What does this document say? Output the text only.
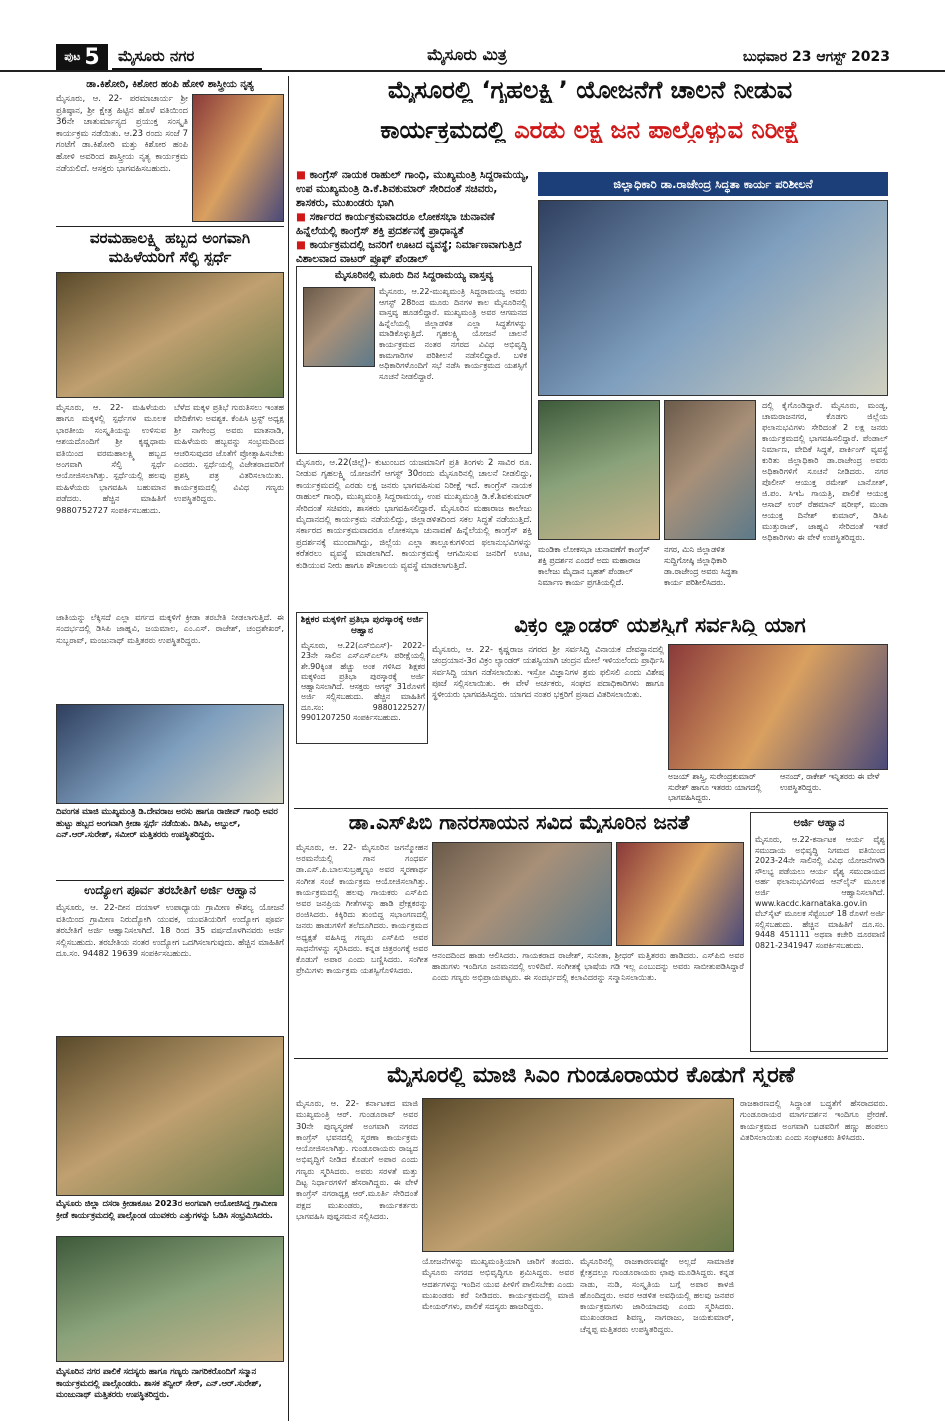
ಪುಟ 5	ಮೈಸೂರು ನಗರ	ಮೈಸೂರು ಮಿತ್ರ	ಬುಧವಾರ 23 ಆಗಸ್ಟ್ 2023
ಡಾ.ಕಿಶೋರಿ, ಕಿಶೋರ ಹಂಪಿ ಹೋಳಿ ಶಾಸ್ತ್ರೀಯ ನೃತ್ಯ
ಮೈಸೂರು, ಆ. 22- ಪರಮಾಚಾರ್ಯ ಶ್ರೀ ಪ್ರತಿಷ್ಠಾನ, ಶ್ರೀ ಕ್ಷೇತ್ರ ಹಿಟ್ಟಿನ ಹೊಳೆ ವತಿಯಿಂದ 36ನೇ ಚಾತುರ್ಮಾಸ್ಯದ ಪ್ರಯುಕ್ತ ಸಂಸ್ಕೃತಿ ಕಾರ್ಯಕ್ರಮ ನಡೆಯಿತು. ಆ.23 ರಂದು ಸಂಜೆ 7 ಗಂಟೆಗೆ ಡಾ.ಕಿಶೋರಿ ಮತ್ತು ಕಿಶೋರ ಹಂಪಿ ಹೋಳಿ ಅವರಿಂದ ಶಾಸ್ತ್ರೀಯ ನೃತ್ಯ ಕಾರ್ಯಕ್ರಮ ನಡೆಯಲಿದೆ. ಆಸಕ್ತರು ಭಾಗವಹಿಸಬಹುದು.
ವರಮಹಾಲಕ್ಷ್ಮಿ ಹಬ್ಬದ ಅಂಗವಾಗಿ
ಮಹಿಳೆಯರಿಗೆ ಸೆಲ್ಫಿ ಸ್ಪರ್ಧೆ
ಮೈಸೂರು, ಆ. 22- ಮಹಿಳೆಯರು ಹಾಗೂ ಮಕ್ಕಳಲ್ಲಿ ಸ್ಪರ್ಧೆಗಳ ಮೂಲಕ ಭಾರತೀಯ ಸಂಸ್ಕೃತಿಯನ್ನು ಉಳಿಸುವ ಆಶಯದೊಂದಿಗೆ ಶ್ರೀ ಕೃಷ್ಣಧಾಮ ವತಿಯಿಂದ ವರಮಹಾಲಕ್ಷ್ಮಿ ಹಬ್ಬದ ಅಂಗವಾಗಿ ಸೆಲ್ಫಿ ಸ್ಪರ್ಧೆ ಆಯೋಜಿಸಲಾಗಿತ್ತು. ಸ್ಪರ್ಧೆಯಲ್ಲಿ ಹಲವು ಮಹಿಳೆಯರು ಭಾಗವಹಿಸಿ ಬಹುಮಾನ ಪಡೆದರು. ಹೆಚ್ಚಿನ ಮಾಹಿತಿಗೆ 9880752727 ಸಂಪರ್ಕಿಸಬಹುದು.
ಬೆಳೆದ ಮಕ್ಕಳ ಪ್ರತಿಭೆ ಗುರುತಿಸಲು ಇಂತಹ ವೇದಿಕೆಗಳು ಅವಶ್ಯಕ. ಕೆಂಪಿಸಿ ಟ್ರಸ್ಟ್ ಅಧ್ಯಕ್ಷ ಶ್ರೀ ನಾಗೇಂದ್ರ ಅವರು ಮಾತನಾಡಿ, ಮಹಿಳೆಯರು ಹಬ್ಬವನ್ನು ಸಂಭ್ರಮದಿಂದ ಆಚರಿಸುವುದರ ಜೊತೆಗೆ ಪ್ರೋತ್ಸಾಹಿಸಬೇಕು ಎಂದರು. ಸ್ಪರ್ಧೆಯಲ್ಲಿ ವಿಜೇತರಾದವರಿಗೆ ಪ್ರಶಸ್ತಿ ಪತ್ರ ವಿತರಿಸಲಾಯಿತು. ಕಾರ್ಯಕ್ರಮದಲ್ಲಿ ವಿವಿಧ ಗಣ್ಯರು ಉಪಸ್ಥಿತರಿದ್ದರು.
ಜಾತಿಯನ್ನು ಲೆಕ್ಕಿಸದೆ ಎಲ್ಲಾ ವರ್ಗದ ಮಕ್ಕಳಿಗೆ ಕ್ರೀಡಾ ತರಬೇತಿ ನೀಡಲಾಗುತ್ತಿದೆ. ಈ ಸಂದರ್ಭದಲ್ಲಿ ಡಿಸಿಪಿ ಜಾಹ್ನವಿ, ಜಯಮಾಲ, ಎಂ.ಎಸ್. ರಾಜೇಶ್, ಚಂದ್ರಶೇಖರ್, ಸುಬ್ಬರಾವ್, ಮಂಜುನಾಥ್ ಮತ್ತಿತರರು ಉಪಸ್ಥಿತರಿದ್ದರು.
ದಿವಂಗತ ಮಾಜಿ ಮುಖ್ಯಮಂತ್ರಿ ಡಿ.ದೇವರಾಜ ಅರಸು ಹಾಗೂ ರಾಜೀವ್ ಗಾಂಧಿ ಅವರ ಹುಟ್ಟು ಹಬ್ಬದ ಅಂಗವಾಗಿ ಕ್ರೀಡಾ ಸ್ಪರ್ಧೆ ನಡೆಯಿತು. ಡಿಸಿಪಿ, ಅಬ್ದುಲ್, ಎನ್.ಆರ್.ಸುರೇಶ್, ಸಮೀರ್ ಮತ್ತಿತರರು ಉಪಸ್ಥಿತರಿದ್ದರು.
ಉದ್ಯೋಗ ಪೂರ್ವ ತರಬೇತಿಗೆ ಅರ್ಜಿ ಆಹ್ವಾನ
ಮೈಸೂರು, ಆ. 22-ದೀನ ದಯಾಳ್ ಉಪಾಧ್ಯಾಯ ಗ್ರಾಮೀಣ ಕೌಶಲ್ಯ ಯೋಜನೆ ವತಿಯಿಂದ ಗ್ರಾಮೀಣ ನಿರುದ್ಯೋಗಿ ಯುವಕ, ಯುವತಿಯರಿಗೆ ಉದ್ಯೋಗ ಪೂರ್ವ ತರಬೇತಿಗೆ ಅರ್ಜಿ ಆಹ್ವಾನಿಸಲಾಗಿದೆ. 18 ರಿಂದ 35 ವರ್ಷದೊಳಗಿನವರು ಅರ್ಜಿ ಸಲ್ಲಿಸಬಹುದು. ತರಬೇತಿಯ ನಂತರ ಉದ್ಯೋಗ ಒದಗಿಸಲಾಗುವುದು. ಹೆಚ್ಚಿನ ಮಾಹಿತಿಗೆ ದೂ.ಸಂ. 94482 19639 ಸಂಪರ್ಕಿಸಬಹುದು.
ಮೈಸೂರು ಜಿಲ್ಲಾ ದಸರಾ ಕ್ರೀಡಾಕೂಟ 2023ರ ಅಂಗವಾಗಿ ಆಯೋಜಿಸಿದ್ದ ಗ್ರಾಮೀಣ ಕ್ರೀಡೆ ಕಾರ್ಯಕ್ರಮದಲ್ಲಿ ಪಾಲ್ಗೊಂಡ ಯುವಕರು ಎತ್ತುಗಳನ್ನು ಓಡಿಸಿ ಸಂಭ್ರಮಿಸಿದರು.
ಮೈಸೂರಿನ ನಗರ ಪಾಲಿಕೆ ಸದಸ್ಯರು ಹಾಗೂ ಗಣ್ಯರು ನಾಗರಿಕರೊಂದಿಗೆ ಸನ್ಮಾನ ಕಾರ್ಯಕ್ರಮದಲ್ಲಿ ಪಾಲ್ಗೊಂಡರು. ಶಾಸಕ ತನ್ವೀರ್ ಸೇಠ್, ಎನ್.ಆರ್.ಸುರೇಶ್, ಮಂಜುನಾಥ್ ಮತ್ತಿತರರು ಉಪಸ್ಥಿತರಿದ್ದರು.
ಮೈಸೂರಲ್ಲಿ ‘ಗೃಹಲಕ್ಷ್ಮಿ’ ಯೋಜನೆಗೆ ಚಾಲನೆ ನೀಡುವ
ಕಾರ್ಯಕ್ರಮದಲ್ಲಿ ಎರಡು ಲಕ್ಷ ಜನ ಪಾಲ್ಗೊಳ್ಳುವ ನಿರೀಕ್ಷೆ
■ ಕಾಂಗ್ರೆಸ್ ನಾಯಕ ರಾಹುಲ್ ಗಾಂಧಿ, ಮುಖ್ಯಮಂತ್ರಿ ಸಿದ್ದರಾಮಯ್ಯ, ಉಪ ಮುಖ್ಯಮಂತ್ರಿ ಡಿ.ಕೆ.ಶಿವಕುಮಾರ್ ಸೇರಿದಂತೆ ಸಚಿವರು, ಶಾಸಕರು, ಮುಖಂಡರು ಭಾಗಿ
■ ಸರ್ಕಾರದ ಕಾರ್ಯಕ್ರಮವಾದರೂ ಲೋಕಸಭಾ ಚುನಾವಣೆ ಹಿನ್ನೆಲೆಯಲ್ಲಿ ಕಾಂಗ್ರೆಸ್ ಶಕ್ತಿ ಪ್ರದರ್ಶನಕ್ಕೆ ಪ್ರಾಧಾನ್ಯತೆ
■ ಕಾರ್ಯಕ್ರಮದಲ್ಲಿ ಜನರಿಗೆ ಊಟದ ವ್ಯವಸ್ಥೆ; ನಿರ್ಮಾಣವಾಗುತ್ತಿದೆ ವಿಶಾಲವಾದ ವಾಟರ್ ಪ್ರೂಫ್ ಪೆಂಡಾಲ್
ಜಿಲ್ಲಾಧಿಕಾರಿ ಡಾ.ರಾಜೇಂದ್ರ ಸಿದ್ಧತಾ ಕಾರ್ಯ ಪರಿಶೀಲನೆ
ಮೈಸೂರಿನಲ್ಲಿ ಮೂರು ದಿನ ಸಿದ್ದರಾಮಯ್ಯ ವಾಸ್ತವ್ಯ
ಮೈಸೂರು, ಆ.22-ಮುಖ್ಯಮಂತ್ರಿ ಸಿದ್ದರಾಮಯ್ಯ ಅವರು ಆಗಸ್ಟ್ 28ರಿಂದ ಮೂರು ದಿನಗಳ ಕಾಲ ಮೈಸೂರಿನಲ್ಲಿ ವಾಸ್ತವ್ಯ ಹೂಡಲಿದ್ದಾರೆ. ಮುಖ್ಯಮಂತ್ರಿ ಅವರ ಆಗಮನದ ಹಿನ್ನೆಲೆಯಲ್ಲಿ ಜಿಲ್ಲಾಡಳಿತ ಎಲ್ಲಾ ಸಿದ್ಧತೆಗಳನ್ನು ಮಾಡಿಕೊಳ್ಳುತ್ತಿದೆ. ಗೃಹಲಕ್ಷ್ಮಿ ಯೋಜನೆ ಚಾಲನೆ ಕಾರ್ಯಕ್ರಮದ ನಂತರ ನಗರದ ವಿವಿಧ ಅಭಿವೃದ್ಧಿ ಕಾಮಗಾರಿಗಳ ಪರಿಶೀಲನೆ ನಡೆಸಲಿದ್ದಾರೆ. ಬಳಿಕ ಅಧಿಕಾರಿಗಳೊಂದಿಗೆ ಸಭೆ ನಡೆಸಿ ಕಾರ್ಯಕ್ರಮದ ಯಶಸ್ಸಿಗೆ ಸೂಚನೆ ನೀಡಲಿದ್ದಾರೆ.
ಮೈಸೂರು, ಆ.22(ಜಿಲ್ಲೆ)- ಕುಟುಂಬದ ಯಜಮಾನಿಗೆ ಪ್ರತಿ ತಿಂಗಳು 2 ಸಾವಿರ ರೂ. ನೀಡುವ ಗೃಹಲಕ್ಷ್ಮಿ ಯೋಜನೆಗೆ ಆಗಸ್ಟ್ 30ರಂದು ಮೈಸೂರಿನಲ್ಲಿ ಚಾಲನೆ ನೀಡಲಿದ್ದು, ಕಾರ್ಯಕ್ರಮದಲ್ಲಿ ಎರಡು ಲಕ್ಷ ಜನರು ಭಾಗವಹಿಸುವ ನಿರೀಕ್ಷೆ ಇದೆ. ಕಾಂಗ್ರೆಸ್ ನಾಯಕ ರಾಹುಲ್ ಗಾಂಧಿ, ಮುಖ್ಯಮಂತ್ರಿ ಸಿದ್ದರಾಮಯ್ಯ, ಉಪ ಮುಖ್ಯಮಂತ್ರಿ ಡಿ.ಕೆ.ಶಿವಕುಮಾರ್ ಸೇರಿದಂತೆ ಸಚಿವರು, ಶಾಸಕರು ಭಾಗವಹಿಸಲಿದ್ದಾರೆ. ಮೈಸೂರಿನ ಮಹಾರಾಜ ಕಾಲೇಜು ಮೈದಾನದಲ್ಲಿ ಕಾರ್ಯಕ್ರಮ ನಡೆಯಲಿದ್ದು, ಜಿಲ್ಲಾಡಳಿತದಿಂದ ಸಕಲ ಸಿದ್ಧತೆ ನಡೆಯುತ್ತಿದೆ. ಸರ್ಕಾರದ ಕಾರ್ಯಕ್ರಮವಾದರೂ ಲೋಕಸಭಾ ಚುನಾವಣೆ ಹಿನ್ನೆಲೆಯಲ್ಲಿ ಕಾಂಗ್ರೆಸ್ ಶಕ್ತಿ ಪ್ರದರ್ಶನಕ್ಕೆ ಮುಂದಾಗಿದ್ದು, ಜಿಲ್ಲೆಯ ಎಲ್ಲಾ ತಾಲ್ಲೂಕುಗಳಿಂದ ಫಲಾನುಭವಿಗಳನ್ನು ಕರೆತರಲು ವ್ಯವಸ್ಥೆ ಮಾಡಲಾಗಿದೆ. ಕಾರ್ಯಕ್ರಮಕ್ಕೆ ಆಗಮಿಸುವ ಜನರಿಗೆ ಊಟ, ಕುಡಿಯುವ ನೀರು ಹಾಗೂ ಶೌಚಾಲಯ ವ್ಯವಸ್ಥೆ ಮಾಡಲಾಗುತ್ತಿದೆ.
ಮಂಡಿಕಾ ಲೋಕಸಭಾ ಚುನಾವಣೆಗೆ ಕಾಂಗ್ರೆಸ್ ಶಕ್ತಿ ಪ್ರದರ್ಶನ ಎಂದರೆ ಅದು ಮಹಾರಾಜ ಕಾಲೇಜು ಮೈದಾನ ಬೃಹತ್ ಪೆಂಡಾಲ್ ನಿರ್ಮಾಣ ಕಾರ್ಯ ಪ್ರಗತಿಯಲ್ಲಿದೆ.
ನಗರ, ಮಿನಿ ಜಿಲ್ಲಾಡಳಿತ ಸುದ್ದಿಗೋಷ್ಠಿ ಜಿಲ್ಲಾಧಿಕಾರಿ ಡಾ.ರಾಜೇಂದ್ರ ಅವರು ಸಿದ್ಧತಾ ಕಾರ್ಯ ಪರಿಶೀಲಿಸಿದರು.
ದಲ್ಲಿ ಕೈಗೊಂಡಿದ್ದಾರೆ. ಮೈಸೂರು, ಮಂಡ್ಯ, ಚಾಮರಾಜನಗರ, ಕೊಡಗು ಜಿಲ್ಲೆಯ ಫಲಾನುಭವಿಗಳು ಸೇರಿದಂತೆ 2 ಲಕ್ಷ ಜನರು ಕಾರ್ಯಕ್ರಮದಲ್ಲಿ ಭಾಗವಹಿಸಲಿದ್ದಾರೆ. ಪೆಂಡಾಲ್ ನಿರ್ಮಾಣ, ವೇದಿಕೆ ಸಿದ್ಧತೆ, ಪಾರ್ಕಿಂಗ್ ವ್ಯವಸ್ಥೆ ಕುರಿತು ಜಿಲ್ಲಾಧಿಕಾರಿ ಡಾ.ರಾಜೇಂದ್ರ ಅವರು ಅಧಿಕಾರಿಗಳಿಗೆ ಸೂಚನೆ ನೀಡಿದರು. ನಗರ ಪೊಲೀಸ್ ಆಯುಕ್ತ ರಮೇಶ್ ಬಾನೋತ್, ಜಿ.ಪಂ. ಸಿಇಓ ಗಾಯತ್ರಿ, ಪಾಲಿಕೆ ಆಯುಕ್ತ ಆಸಾದ್ ಉರ್ ರೆಹಮಾನ್ ಷರೀಫ್, ಮುಡಾ ಆಯುಕ್ತ ದಿನೇಶ್ ಕುಮಾರ್, ಡಿಸಿಪಿ ಮುತ್ತುರಾಜ್, ಜಾಹ್ನವಿ ಸೇರಿದಂತೆ ಇತರೆ ಅಧಿಕಾರಿಗಳು ಈ ವೇಳೆ ಉಪಸ್ಥಿತರಿದ್ದರು.
ಶಿಕ್ಷಕರ ಮಕ್ಕಳಿಗೆ ಪ್ರತಿಭಾ ಪುರಸ್ಕಾರಕ್ಕೆ ಅರ್ಜಿ ಆಹ್ವಾನ
ಮೈಸೂರು, ಆ.22(ಎಸ್‌ಬಿಎಸ್)- 2022-23ನೇ ಸಾಲಿನ ಎಸ್‌ಎಸ್‌ಎಲ್‌ಸಿ ಪರೀಕ್ಷೆಯಲ್ಲಿ ಶೇ.90ಕ್ಕಿಂತ ಹೆಚ್ಚು ಅಂಕ ಗಳಿಸಿದ ಶಿಕ್ಷಕರ ಮಕ್ಕಳಿಂದ ಪ್ರತಿಭಾ ಪುರಸ್ಕಾರಕ್ಕೆ ಅರ್ಜಿ ಆಹ್ವಾನಿಸಲಾಗಿದೆ. ಆಸಕ್ತರು ಆಗಸ್ಟ್ 31ರೊಳಗೆ ಅರ್ಜಿ ಸಲ್ಲಿಸಬಹುದು. ಹೆಚ್ಚಿನ ಮಾಹಿತಿಗೆ ದೂ.ಸಂ: 9880122527/ 9901207250 ಸಂಪರ್ಕಿಸಬಹುದು.
ವಿಕ್ರಂ ಲ್ಯಾಂಡರ್ ಯಶಸ್ವಿಗೆ ಸರ್ವಸಿದ್ದಿ ಯಾಗ
ಮೈಸೂರು, ಆ. 22- ಕೃಷ್ಣರಾಜ ನಗರದ ಶ್ರೀ ಸರ್ವಸಿದ್ದಿ ವಿನಾಯಕ ದೇವಸ್ಥಾನದಲ್ಲಿ ಚಂದ್ರಯಾನ-3ರ ವಿಕ್ರಂ ಲ್ಯಾಂಡರ್ ಯಶಸ್ವಿಯಾಗಿ ಚಂದ್ರನ ಮೇಲೆ ಇಳಿಯಲೆಂದು ಪ್ರಾರ್ಥಿಸಿ ಸರ್ವಸಿದ್ದಿ ಯಾಗ ನಡೆಸಲಾಯಿತು. ಇಸ್ರೋ ವಿಜ್ಞಾನಿಗಳ ಶ್ರಮ ಫಲಿಸಲಿ ಎಂದು ವಿಶೇಷ ಪೂಜೆ ಸಲ್ಲಿಸಲಾಯಿತು. ಈ ವೇಳೆ ಅರ್ಚಕರು, ಸಂಘದ ಪದಾಧಿಕಾರಿಗಳು ಹಾಗೂ ಸ್ಥಳೀಯರು ಭಾಗವಹಿಸಿದ್ದರು. ಯಾಗದ ನಂತರ ಭಕ್ತರಿಗೆ ಪ್ರಸಾದ ವಿತರಿಸಲಾಯಿತು.
ಅಜಯ್ ಶಾಸ್ತ್ರಿ, ಸುರೇಂದ್ರಕುಮಾರ್ ಸುರೇಶ್ ಹಾಗೂ ಇತರರು ಯಾಗದಲ್ಲಿ ಭಾಗವಹಿಸಿದ್ದರು.
ಆನಂದ್, ರಾಕೇಶ್ ಇನ್ನಿತರರು ಈ ವೇಳೆ ಉಪಸ್ಥಿತರಿದ್ದರು.
ಡಾ.ಎಸ್‌ಪಿಬಿ ಗಾನರಸಾಯನ ಸವಿದ ಮೈಸೂರಿನ ಜನತೆ
ಮೈಸೂರು, ಆ. 22- ಮೈಸೂರಿನ ಜಗನ್ಮೋಹನ ಅರಮನೆಯಲ್ಲಿ ಗಾನ ಗಂಧರ್ವ ಡಾ.ಎಸ್.ಪಿ.ಬಾಲಸುಬ್ರಹ್ಮಣ್ಯಂ ಅವರ ಸ್ಮರಣಾರ್ಥ ಸಂಗೀತ ಸಂಜೆ ಕಾರ್ಯಕ್ರಮ ಆಯೋಜಿಸಲಾಗಿತ್ತು. ಕಾರ್ಯಕ್ರಮದಲ್ಲಿ ಹಲವು ಗಾಯಕರು ಎಸ್‌ಪಿಬಿ ಅವರ ಜನಪ್ರಿಯ ಗೀತೆಗಳನ್ನು ಹಾಡಿ ಪ್ರೇಕ್ಷಕರನ್ನು ರಂಜಿಸಿದರು. ಕಿಕ್ಕಿರಿದು ತುಂಬಿದ್ದ ಸಭಾಂಗಣದಲ್ಲಿ ಜನರು ಹಾಡುಗಳಿಗೆ ತಲೆದೂಗಿದರು. ಕಾರ್ಯಕ್ರಮದ ಅಧ್ಯಕ್ಷತೆ ವಹಿಸಿದ್ದ ಗಣ್ಯರು ಎಸ್‌ಪಿಬಿ ಅವರ ಸಾಧನೆಗಳನ್ನು ಸ್ಮರಿಸಿದರು. ಕನ್ನಡ ಚಿತ್ರರಂಗಕ್ಕೆ ಅವರ ಕೊಡುಗೆ ಅಪಾರ ಎಂದು ಬಣ್ಣಿಸಿದರು. ಸಂಗೀತ ಪ್ರೇಮಿಗಳು ಕಾರ್ಯಕ್ರಮ ಯಶಸ್ವಿಗೊಳಿಸಿದರು.
ಆನಂದದಿಂದ ಹಾಡು ಆಲಿಸಿದರು. ಗಾಯಕರಾದ ರಾಜೇಶ್, ಸುನೀತಾ, ಶ್ರೀಧರ್ ಮತ್ತಿತರರು ಹಾಡಿದರು. ಎಸ್‌ಪಿಬಿ ಅವರ ಹಾಡುಗಳು ಇಂದಿಗೂ ಜನಮನದಲ್ಲಿ ಉಳಿದಿವೆ. ಸಂಗೀತಕ್ಕೆ ಭಾಷೆಯ ಗಡಿ ಇಲ್ಲ ಎಂಬುದನ್ನು ಅವರು ಸಾಬೀತುಪಡಿಸಿದ್ದಾರೆ ಎಂದು ಗಣ್ಯರು ಅಭಿಪ್ರಾಯಪಟ್ಟರು. ಈ ಸಂದರ್ಭದಲ್ಲಿ ಕಲಾವಿದರನ್ನು ಸನ್ಮಾನಿಸಲಾಯಿತು.
ಅರ್ಜಿ ಆಹ್ವಾನ
ಮೈಸೂರು, ಆ.22-ಕರ್ನಾಟಕ ಆರ್ಯ ವೈಶ್ಯ ಸಮುದಾಯ ಅಭಿವೃದ್ಧಿ ನಿಗಮದ ವತಿಯಿಂದ 2023-24ನೇ ಸಾಲಿನಲ್ಲಿ ವಿವಿಧ ಯೋಜನೆಗಳಡಿ ಸೌಲಭ್ಯ ಪಡೆಯಲು ಆರ್ಯ ವೈಶ್ಯ ಸಮುದಾಯದ ಅರ್ಹ ಫಲಾನುಭವಿಗಳಿಂದ ಆನ್‌ಲೈನ್ ಮೂಲಕ ಅರ್ಜಿ ಆಹ್ವಾನಿಸಲಾಗಿದೆ. www.kacdc.karnataka.gov.in ವೆಬ್‌ಸೈಟ್ ಮೂಲಕ ಸೆಪ್ಟೆಂಬರ್ 18 ರೊಳಗೆ ಅರ್ಜಿ ಸಲ್ಲಿಸಬಹುದು. ಹೆಚ್ಚಿನ ಮಾಹಿತಿಗೆ ದೂ.ಸಂ. 9448 451111 ಅಥವಾ ಕಚೇರಿ ದೂರವಾಣಿ 0821-2341947 ಸಂಪರ್ಕಿಸಬಹುದು.
ಮೈಸೂರಲ್ಲಿ ಮಾಜಿ ಸಿಎಂ ಗುಂಡೂರಾಯರ ಕೊಡುಗೆ ಸ್ಮರಣೆ
ಮೈಸೂರು, ಆ. 22- ಕರ್ನಾಟಕದ ಮಾಜಿ ಮುಖ್ಯಮಂತ್ರಿ ಆರ್. ಗುಂಡೂರಾವ್ ಅವರ 30ನೇ ಪುಣ್ಯಸ್ಮರಣೆ ಅಂಗವಾಗಿ ನಗರದ ಕಾಂಗ್ರೆಸ್ ಭವನದಲ್ಲಿ ಸ್ಮರಣಾ ಕಾರ್ಯಕ್ರಮ ಆಯೋಜಿಸಲಾಗಿತ್ತು. ಗುಂಡೂರಾಯರು ರಾಜ್ಯದ ಅಭಿವೃದ್ಧಿಗೆ ನೀಡಿದ ಕೊಡುಗೆ ಅಪಾರ ಎಂದು ಗಣ್ಯರು ಸ್ಮರಿಸಿದರು. ಅವರು ಸರಳತೆ ಮತ್ತು ದಿಟ್ಟ ನಿರ್ಧಾರಗಳಿಗೆ ಹೆಸರಾಗಿದ್ದರು. ಈ ವೇಳೆ ಕಾಂಗ್ರೆಸ್ ನಗರಾಧ್ಯಕ್ಷ ಆರ್.ಮೂರ್ತಿ ಸೇರಿದಂತೆ ಪಕ್ಷದ ಮುಖಂಡರು, ಕಾರ್ಯಕರ್ತರು ಭಾಗವಹಿಸಿ ಪುಷ್ಪನಮನ ಸಲ್ಲಿಸಿದರು.
ಯೋಜನೆಗಳನ್ನು ಮುಖ್ಯಮಂತ್ರಿಯಾಗಿ ಜಾರಿಗೆ ತಂದರು. ಮೈಸೂರು ನಗರದ ಅಭಿವೃದ್ಧಿಗೂ ಶ್ರಮಿಸಿದ್ದರು. ಅವರ ಆದರ್ಶಗಳನ್ನು ಇಂದಿನ ಯುವ ಪೀಳಿಗೆ ಪಾಲಿಸಬೇಕು ಎಂದು ಮುಖಂಡರು ಕರೆ ನೀಡಿದರು. ಕಾರ್ಯಕ್ರಮದಲ್ಲಿ ಮಾಜಿ ಮೇಯರ್‌ಗಳು, ಪಾಲಿಕೆ ಸದಸ್ಯರು ಹಾಜರಿದ್ದರು.
ಮೈಸೂರಿನಲ್ಲಿ ರಾಜಕಾರಣವಷ್ಟೇ ಅಲ್ಲದೆ ಸಾಮಾಜಿಕ ಕ್ಷೇತ್ರದಲ್ಲೂ ಗುಂಡೂರಾಯರು ಛಾಪು ಮೂಡಿಸಿದ್ದರು. ಕನ್ನಡ ನಾಡು, ನುಡಿ, ಸಂಸ್ಕೃತಿಯ ಬಗ್ಗೆ ಅಪಾರ ಕಾಳಜಿ ಹೊಂದಿದ್ದರು. ಅವರ ಆಡಳಿತ ಅವಧಿಯಲ್ಲಿ ಹಲವು ಜನಪರ ಕಾರ್ಯಕ್ರಮಗಳು ಜಾರಿಯಾದವು ಎಂದು ಸ್ಮರಿಸಿದರು. ಮುಖಂಡರಾದ ಶಿವಣ್ಣ, ನಾಗರಾಜು, ಜಯಕುಮಾರ್, ಚೆನ್ನಪ್ಪ ಮತ್ತಿತರರು ಉಪಸ್ಥಿತರಿದ್ದರು.
ರಾಜಕಾರಣದಲ್ಲಿ ಸಿದ್ಧಾಂತ ಬದ್ಧತೆಗೆ ಹೆಸರಾದವರು. ಗುಂಡೂರಾಯರ ಮಾರ್ಗದರ್ಶನ ಇಂದಿಗೂ ಪ್ರೇರಣೆ. ಕಾರ್ಯಕ್ರಮದ ಅಂಗವಾಗಿ ಬಡವರಿಗೆ ಹಣ್ಣು ಹಂಪಲು ವಿತರಿಸಲಾಯಿತು ಎಂದು ಸಂಘಟಕರು ತಿಳಿಸಿದರು.
